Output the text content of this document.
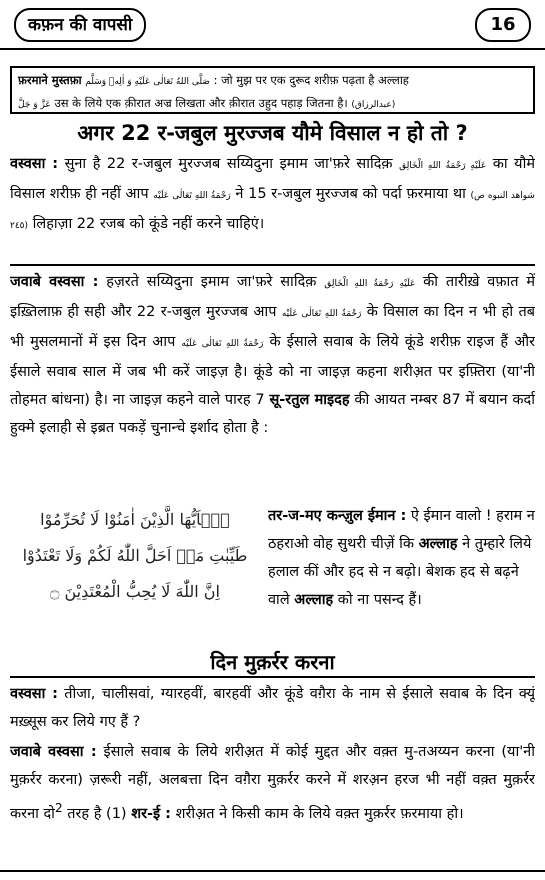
कफ़न की वापसी	16
फ़रमाने मुस्तफ़ा صَلَّى اللهُ تَعَالٰى عَلَيْهِ وَ اٰلِهٖ وَسَلَّم : जो मुझ पर एक दुरूद शरीफ़ पढ़ता है अल्लाह
عَزَّ وَ جَلَّ उस के लिये एक क़ीरात अज्र लिखता और क़ीरात उहुद पहाड़ जितना है। (عبدالرزاق)
अगर 22 र-जबुल मुरज्जब यौमे विसाल न हो तो ?
वस्वसा : सुना है 22 र-जबुल मुरज्जब सय्यिदुना इमाम जा'फ़रे सादिक़ عَلَيْهِ رَحْمَةُ اللهِ الْخَالِق का यौमे विसाल शरीफ़ ही नहीं आप رَحْمَةُ اللهِ تَعَالٰى عَلَيْه ने 15 र-जबुल मुरज्जब को पर्दा फ़रमाया था (شواهد النبوه ص ٢٤٥) लिहाज़ा 22 रजब को कूंडे नहीं करने चाहिएं।
जवाबे वस्वसा : हज़रते सय्यिदुना इमाम जा'फ़रे सादिक़ عَلَيْهِ رَحْمَةُ اللهِ الْخَالِق की तारीख़े वफ़ात में इख़्तिलाफ़ ही सही और 22 र-जबुल मुरज्जब आप رَحْمَةُ اللهِ تَعَالٰى عَلَيْه के विसाल का दिन न भी हो तब भी मुसलमानों में इस दिन आप رَحْمَةُ اللهِ تَعَالٰى عَلَيْه के ईसाले सवाब के लिये कूंडे शरीफ़ राइज हैं और ईसाले सवाब साल में जब भी करें जाइज़ है। कूंडे को ना जाइज़ कहना शरीअ़त पर इफ़्तिरा (या'नी तोहमत बांधना) है। ना जाइज़ कहने वाले पारह 7 सू-रतुल माइदह की आयत नम्बर 87 में बयान कर्दा हुक्मे इलाही से इब्रत पकड़ें चुनान्चे इर्शाद होता है :
يٰۤاَيُّهَا الَّذِيْنَ اٰمَنُوْا لَا تُحَرِّمُوْا
طَيِّبٰتِ مَاۤ اَحَلَّ اللّٰهُ لَكُمْ وَلَا تَعْتَدُوْا
اِنَّ اللّٰهَ لَا يُحِبُّ الْمُعْتَدِيْنَ ۝
तर-ज-मए कन्ज़ुल ईमान : ऐ ईमान वालो ! हराम न ठहराओ वोह सुथरी चीज़ें कि अल्लाह ने तुम्हारे लिये हलाल कीं और हद से न बढ़ो। बेशक हद से बढ़ने वाले अल्लाह को ना पसन्द हैं।
दिन मुक़र्रर करना
वस्वसा : तीजा, चालीसवां, ग्यारहवीं, बारहवीं और कूंडे वग़ैरा के नाम से ईसाले सवाब के दिन क्यूं मख़्सूस कर लिये गए हैं ?
जवाबे वस्वसा : ईसाले सवाब के लिये शरीअ़त में कोई मुद्दत और वक़्त मु-तअय्यन करना (या'नी मुक़र्रर करना) ज़रूरी नहीं, अलबत्ता दिन वग़ैरा मुक़र्रर करने में शरअ़न हरज भी नहीं वक़्त मुक़र्रर करना दो$^2$ तरह है (1) शर-ई : शरीअ़त ने किसी काम के लिये वक़्त मुक़र्रर फ़रमाया हो।
